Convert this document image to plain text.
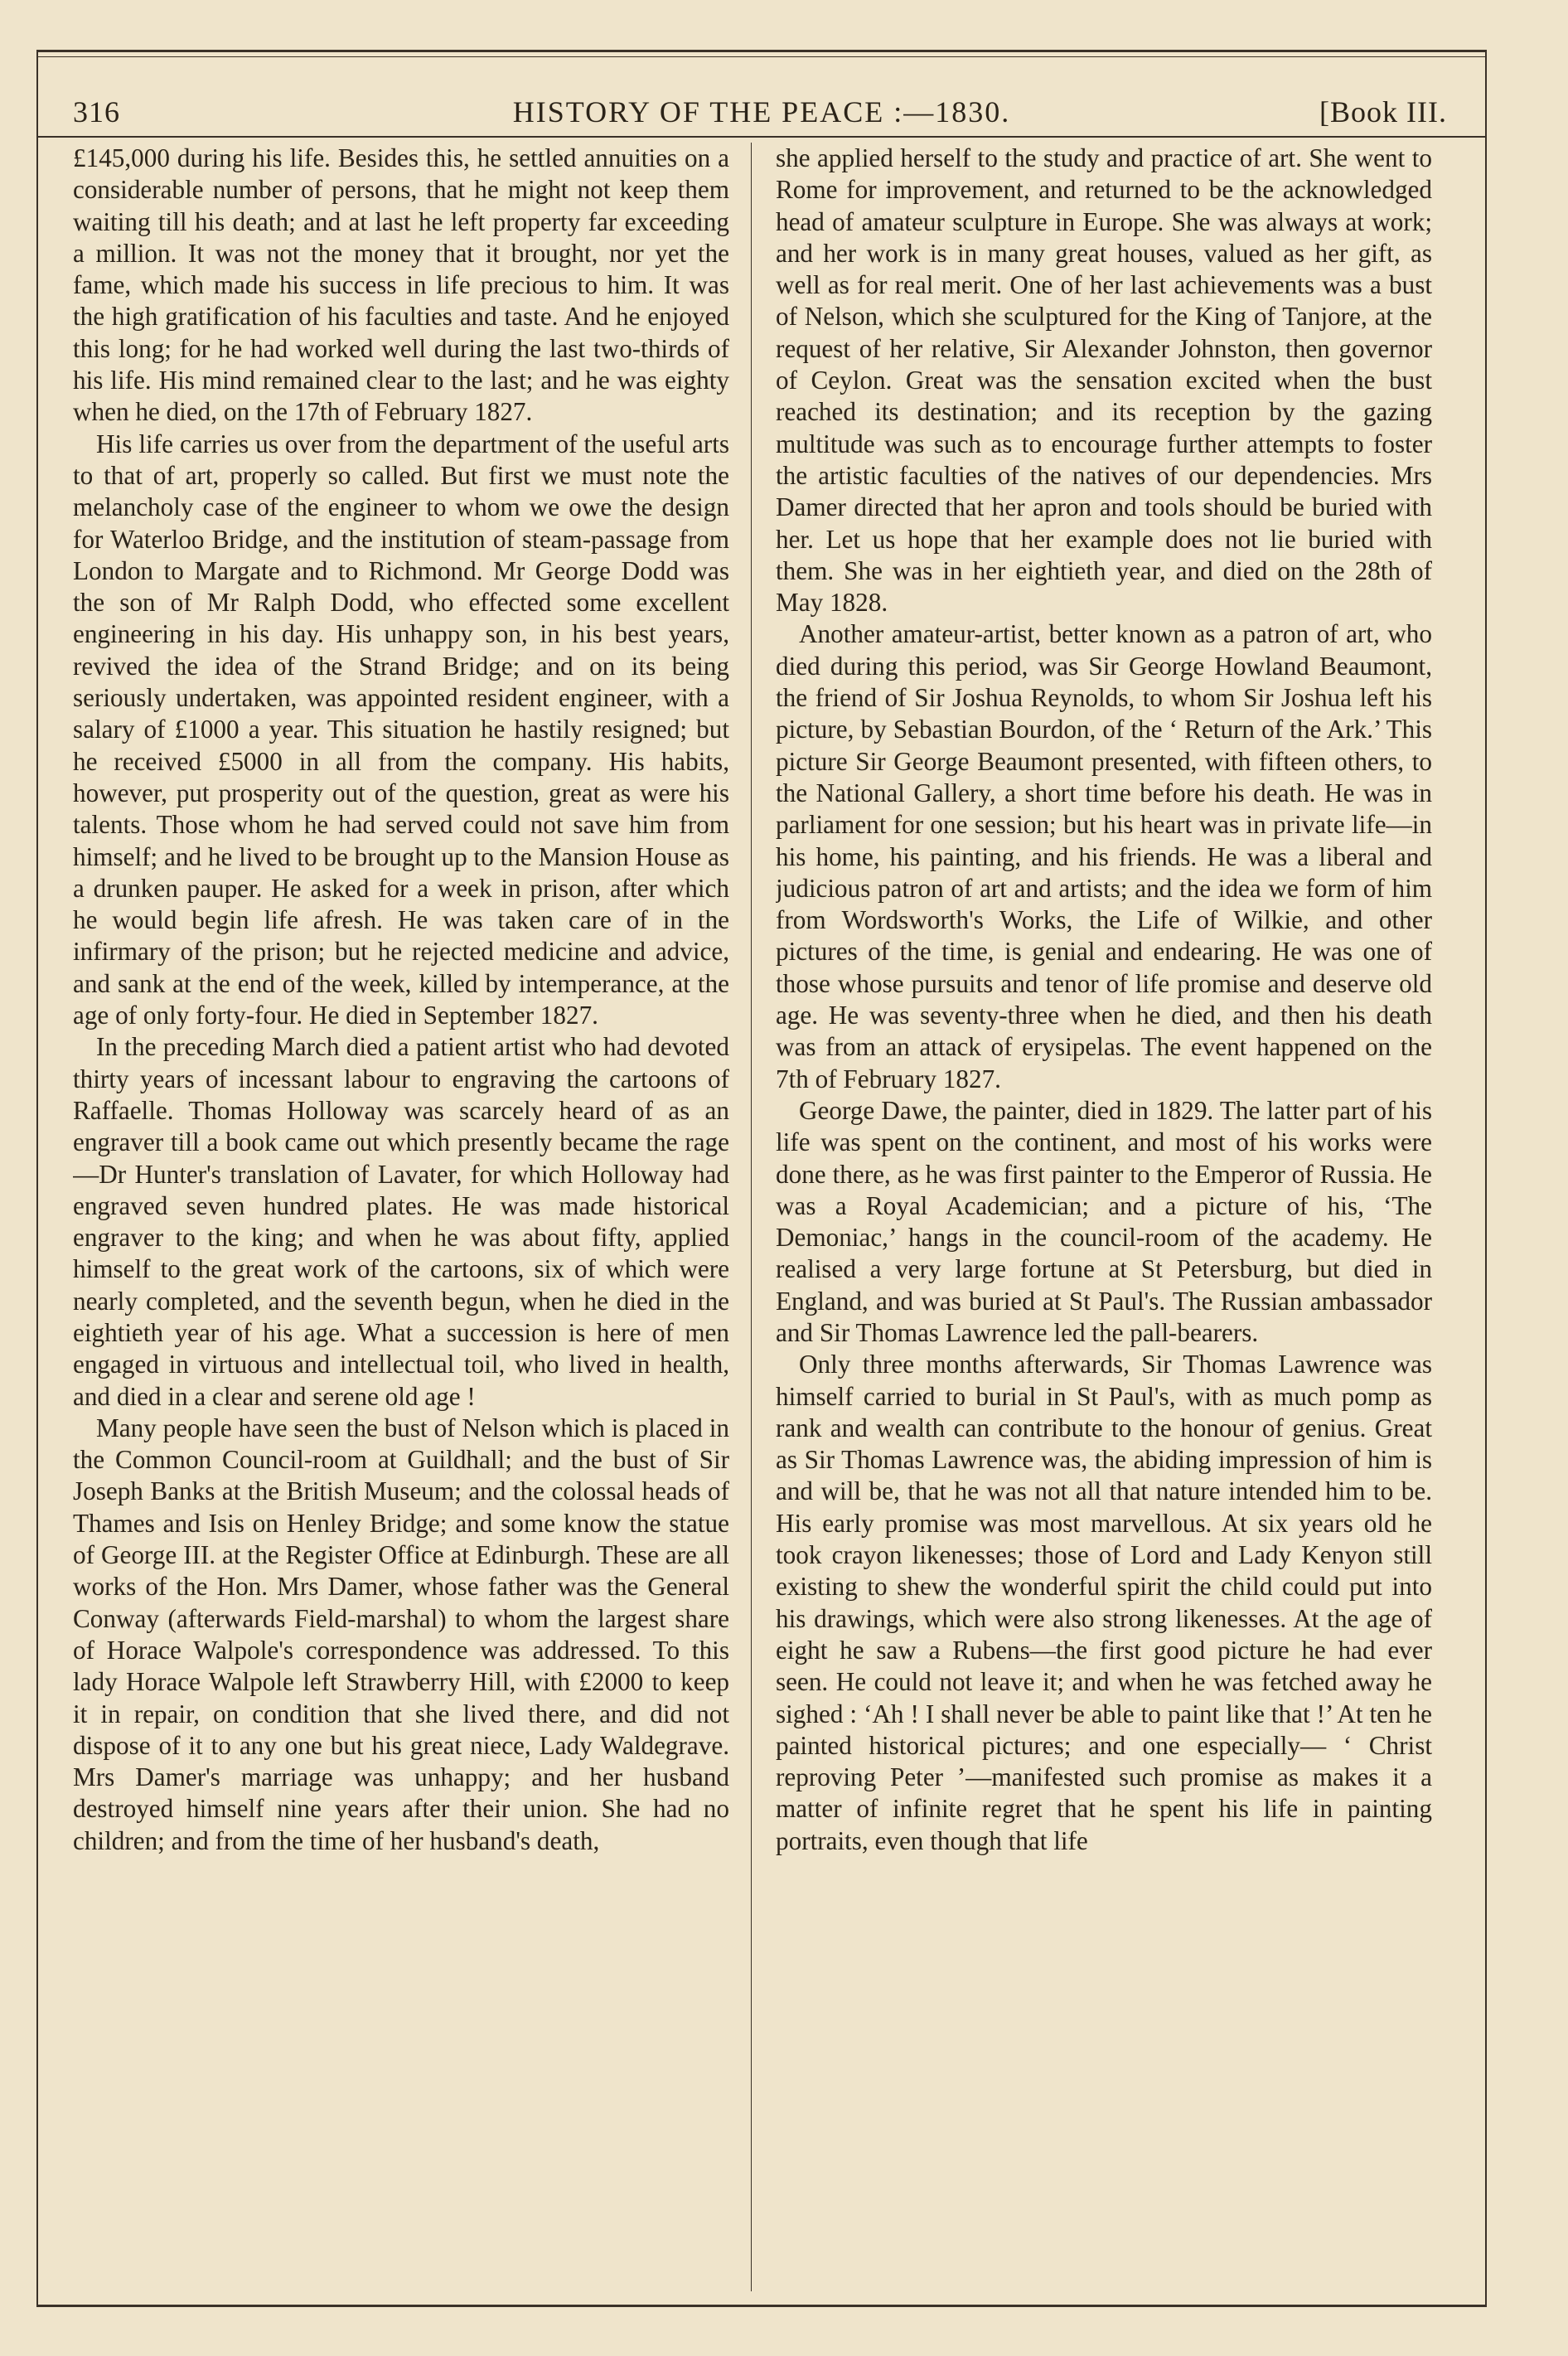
316	HISTORY OF THE PEACE :—1830.	[Book III.

£145,000 during his life. Besides this, he settled annuities on a considerable number of persons, that he might not keep them waiting till his death; and at last he left property far exceeding a million. It was not the money that it brought, nor yet the fame, which made his success in life precious to him. It was the high gratification of his faculties and taste. And he enjoyed this long; for he had worked well during the last two-thirds of his life. His mind remained clear to the last; and he was eighty when he died, on the 17th of February 1827.

His life carries us over from the department of the useful arts to that of art, properly so called. But first we must note the melancholy case of the engineer to whom we owe the design for Waterloo Bridge, and the institution of steam-passage from London to Margate and to Richmond. Mr George Dodd was the son of Mr Ralph Dodd, who effected some excellent engineering in his day. His unhappy son, in his best years, revived the idea of the Strand Bridge; and on its being seriously undertaken, was appointed resident engineer, with a salary of £1000 a year. This situation he hastily resigned; but he received £5000 in all from the company. His habits, however, put prosperity out of the question, great as were his talents. Those whom he had served could not save him from himself; and he lived to be brought up to the Mansion House as a drunken pauper. He asked for a week in prison, after which he would begin life afresh. He was taken care of in the infirmary of the prison; but he rejected medicine and advice, and sank at the end of the week, killed by intemperance, at the age of only forty-four. He died in September 1827.

In the preceding March died a patient artist who had devoted thirty years of incessant labour to engraving the cartoons of Raffaelle. Thomas Holloway was scarcely heard of as an engraver till a book came out which presently became the rage —Dr Hunter's translation of Lavater, for which Holloway had engraved seven hundred plates. He was made historical engraver to the king; and when he was about fifty, applied himself to the great work of the cartoons, six of which were nearly completed, and the seventh begun, when he died in the eightieth year of his age. What a succession is here of men engaged in virtuous and intellectual toil, who lived in health, and died in a clear and serene old age !

Many people have seen the bust of Nelson which is placed in the Common Council-room at Guildhall; and the bust of Sir Joseph Banks at the British Museum; and the colossal heads of Thames and Isis on Henley Bridge; and some know the statue of George III. at the Register Office at Edinburgh. These are all works of the Hon. Mrs Damer, whose father was the General Conway (afterwards Field-marshal) to whom the largest share of Horace Walpole's correspondence was addressed. To this lady Horace Walpole left Strawberry Hill, with £2000 to keep it in repair, on condition that she lived there, and did not dispose of it to any one but his great niece, Lady Waldegrave. Mrs Damer's marriage was unhappy; and her husband destroyed himself nine years after their union. She had no children; and from the time of her husband's death,

she applied herself to the study and practice of art. She went to Rome for improvement, and returned to be the acknowledged head of amateur sculpture in Europe. She was always at work; and her work is in many great houses, valued as her gift, as well as for real merit. One of her last achievements was a bust of Nelson, which she sculptured for the King of Tanjore, at the request of her relative, Sir Alexander Johnston, then governor of Ceylon. Great was the sensation excited when the bust reached its destination; and its reception by the gazing multitude was such as to encourage further attempts to foster the artistic faculties of the natives of our dependencies. Mrs Damer directed that her apron and tools should be buried with her. Let us hope that her example does not lie buried with them. She was in her eightieth year, and died on the 28th of May 1828.

Another amateur-artist, better known as a patron of art, who died during this period, was Sir George Howland Beaumont, the friend of Sir Joshua Reynolds, to whom Sir Joshua left his picture, by Sebastian Bourdon, of the ‘ Return of the Ark.’ This picture Sir George Beaumont presented, with fifteen others, to the National Gallery, a short time before his death. He was in parliament for one session; but his heart was in private life—in his home, his painting, and his friends. He was a liberal and judicious patron of art and artists; and the idea we form of him from Wordsworth's Works, the Life of Wilkie, and other pictures of the time, is genial and endearing. He was one of those whose pursuits and tenor of life promise and deserve old age. He was seventy-three when he died, and then his death was from an attack of erysipelas. The event happened on the 7th of February 1827.

George Dawe, the painter, died in 1829. The latter part of his life was spent on the continent, and most of his works were done there, as he was first painter to the Emperor of Russia. He was a Royal Academician; and a picture of his, ‘The Demoniac,’ hangs in the council-room of the academy. He realised a very large fortune at St Petersburg, but died in England, and was buried at St Paul's. The Russian ambassador and Sir Thomas Lawrence led the pall-bearers.

Only three months afterwards, Sir Thomas Lawrence was himself carried to burial in St Paul's, with as much pomp as rank and wealth can contribute to the honour of genius. Great as Sir Thomas Lawrence was, the abiding impression of him is and will be, that he was not all that nature intended him to be. His early promise was most marvellous. At six years old he took crayon likenesses; those of Lord and Lady Kenyon still existing to shew the wonderful spirit the child could put into his drawings, which were also strong likenesses. At the age of eight he saw a Rubens—the first good picture he had ever seen. He could not leave it; and when he was fetched away he sighed : ‘Ah ! I shall never be able to paint like that !’ At ten he painted historical pictures; and one especially— ‘ Christ reproving Peter ’—manifested such promise as makes it a matter of infinite regret that he spent his life in painting portraits, even though that life
